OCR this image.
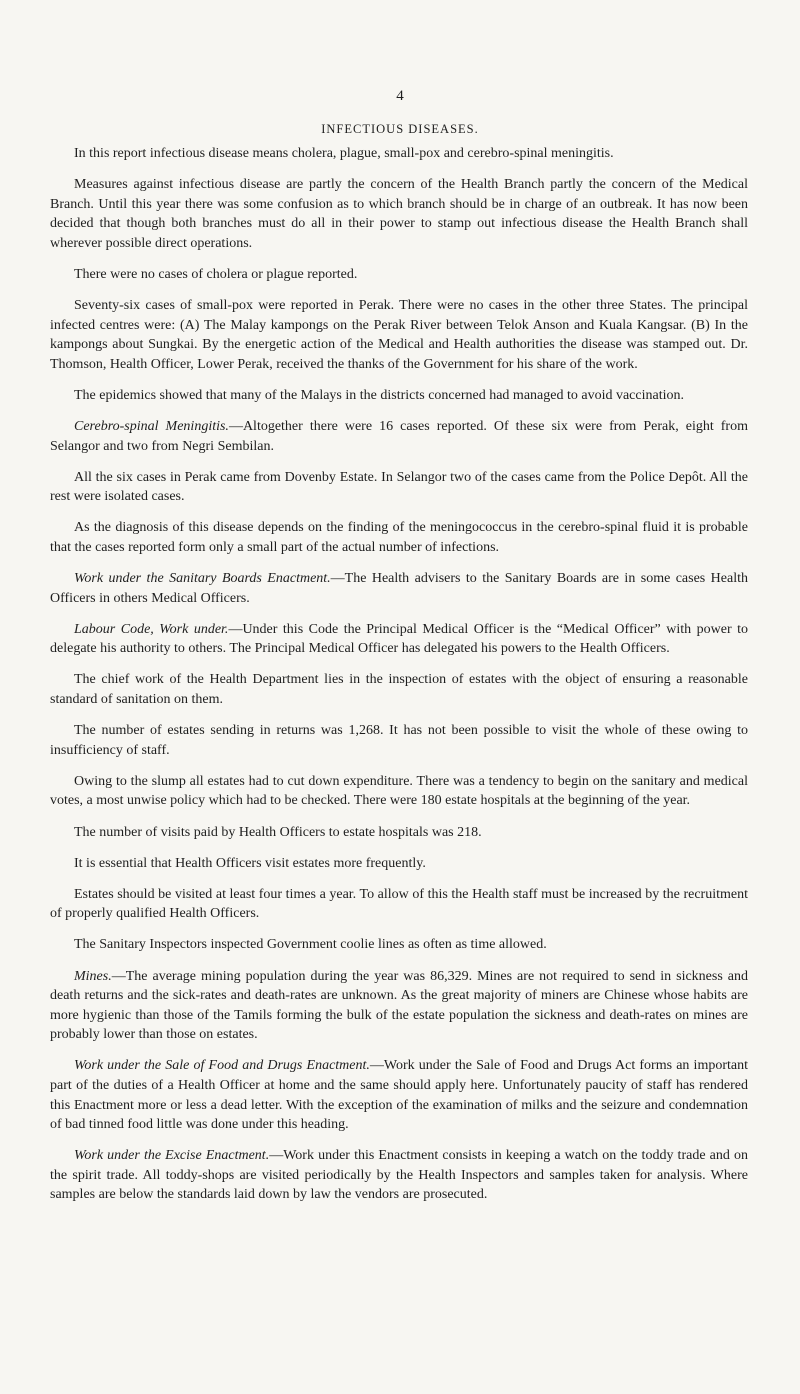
4
INFECTIOUS DISEASES.

In this report infectious disease means cholera, plague, small-pox and cerebro-spinal meningitis.

Measures against infectious disease are partly the concern of the Health Branch partly the concern of the Medical Branch. Until this year there was some confusion as to which branch should be in charge of an outbreak. It has now been decided that though both branches must do all in their power to stamp out infectious disease the Health Branch shall wherever possible direct operations.

There were no cases of cholera or plague reported.

Seventy-six cases of small-pox were reported in Perak. There were no cases in the other three States. The principal infected centres were: (A) The Malay kampongs on the Perak River between Telok Anson and Kuala Kangsar. (B) In the kampongs about Sungkai. By the energetic action of the Medical and Health authorities the disease was stamped out. Dr. Thomson, Health Officer, Lower Perak, received the thanks of the Government for his share of the work.

The epidemics showed that many of the Malays in the districts concerned had managed to avoid vaccination.

Cerebro-spinal Meningitis.—Altogether there were 16 cases reported. Of these six were from Perak, eight from Selangor and two from Negri Sembilan.

All the six cases in Perak came from Dovenby Estate. In Selangor two of the cases came from the Police Depôt. All the rest were isolated cases.

As the diagnosis of this disease depends on the finding of the meningococcus in the cerebro-spinal fluid it is probable that the cases reported form only a small part of the actual number of infections.

Work under the Sanitary Boards Enactment.—The Health advisers to the Sanitary Boards are in some cases Health Officers in others Medical Officers.

Labour Code, Work under.—Under this Code the Principal Medical Officer is the “Medical Officer” with power to delegate his authority to others. The Principal Medical Officer has delegated his powers to the Health Officers.

The chief work of the Health Department lies in the inspection of estates with the object of ensuring a reasonable standard of sanitation on them.

The number of estates sending in returns was 1,268. It has not been possible to visit the whole of these owing to insufficiency of staff.

Owing to the slump all estates had to cut down expenditure. There was a tendency to begin on the sanitary and medical votes, a most unwise policy which had to be checked. There were 180 estate hospitals at the beginning of the year.

The number of visits paid by Health Officers to estate hospitals was 218.

It is essential that Health Officers visit estates more frequently.

Estates should be visited at least four times a year. To allow of this the Health staff must be increased by the recruitment of properly qualified Health Officers.

The Sanitary Inspectors inspected Government coolie lines as often as time allowed.

Mines.—The average mining population during the year was 86,329. Mines are not required to send in sickness and death returns and the sick-rates and death-rates are unknown. As the great majority of miners are Chinese whose habits are more hygienic than those of the Tamils forming the bulk of the estate population the sickness and death-rates on mines are probably lower than those on estates.

Work under the Sale of Food and Drugs Enactment.—Work under the Sale of Food and Drugs Act forms an important part of the duties of a Health Officer at home and the same should apply here. Unfortunately paucity of staff has rendered this Enactment more or less a dead letter. With the exception of the examination of milks and the seizure and condemnation of bad tinned food little was done under this heading.

Work under the Excise Enactment.—Work under this Enactment consists in keeping a watch on the toddy trade and on the spirit trade. All toddy-shops are visited periodically by the Health Inspectors and samples taken for analysis. Where samples are below the standards laid down by law the vendors are prosecuted.
